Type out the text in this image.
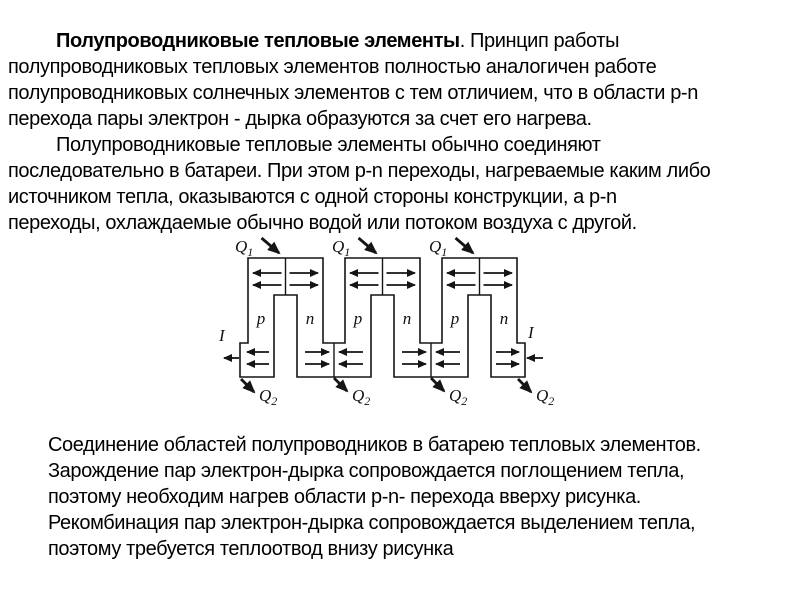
Полупроводниковые тепловые элементы. Принцип работы
полупроводниковых тепловых элементов полностью аналогичен работе
полупроводниковых солнечных элементов с тем отличием, что в области p-n
перехода пары электрон - дырка образуются за счет его нагрева.
Полупроводниковые тепловые элементы обычно соединяют
последовательно в батареи. При этом p-n переходы, нагреваемые каким либо
источником тепла, оказываются с одной стороны конструкции, а p-n
переходы, охлаждаемые обычно водой или потоком воздуха с другой.
$Q_1$	$Q_1$	$Q_1$
$Q_2$	$Q_2$	$Q_2$	$Q_2$
I	I
p n p n p n
Соединение областей полупроводников в батарею тепловых элементов.
Зарождение пар электрон-дырка сопровождается поглощением тепла,
поэтому необходим нагрев области p-n- перехода вверху рисунка.
Рекомбинация пар электрон-дырка сопровождается выделением тепла,
поэтому требуется теплоотвод внизу рисунка
